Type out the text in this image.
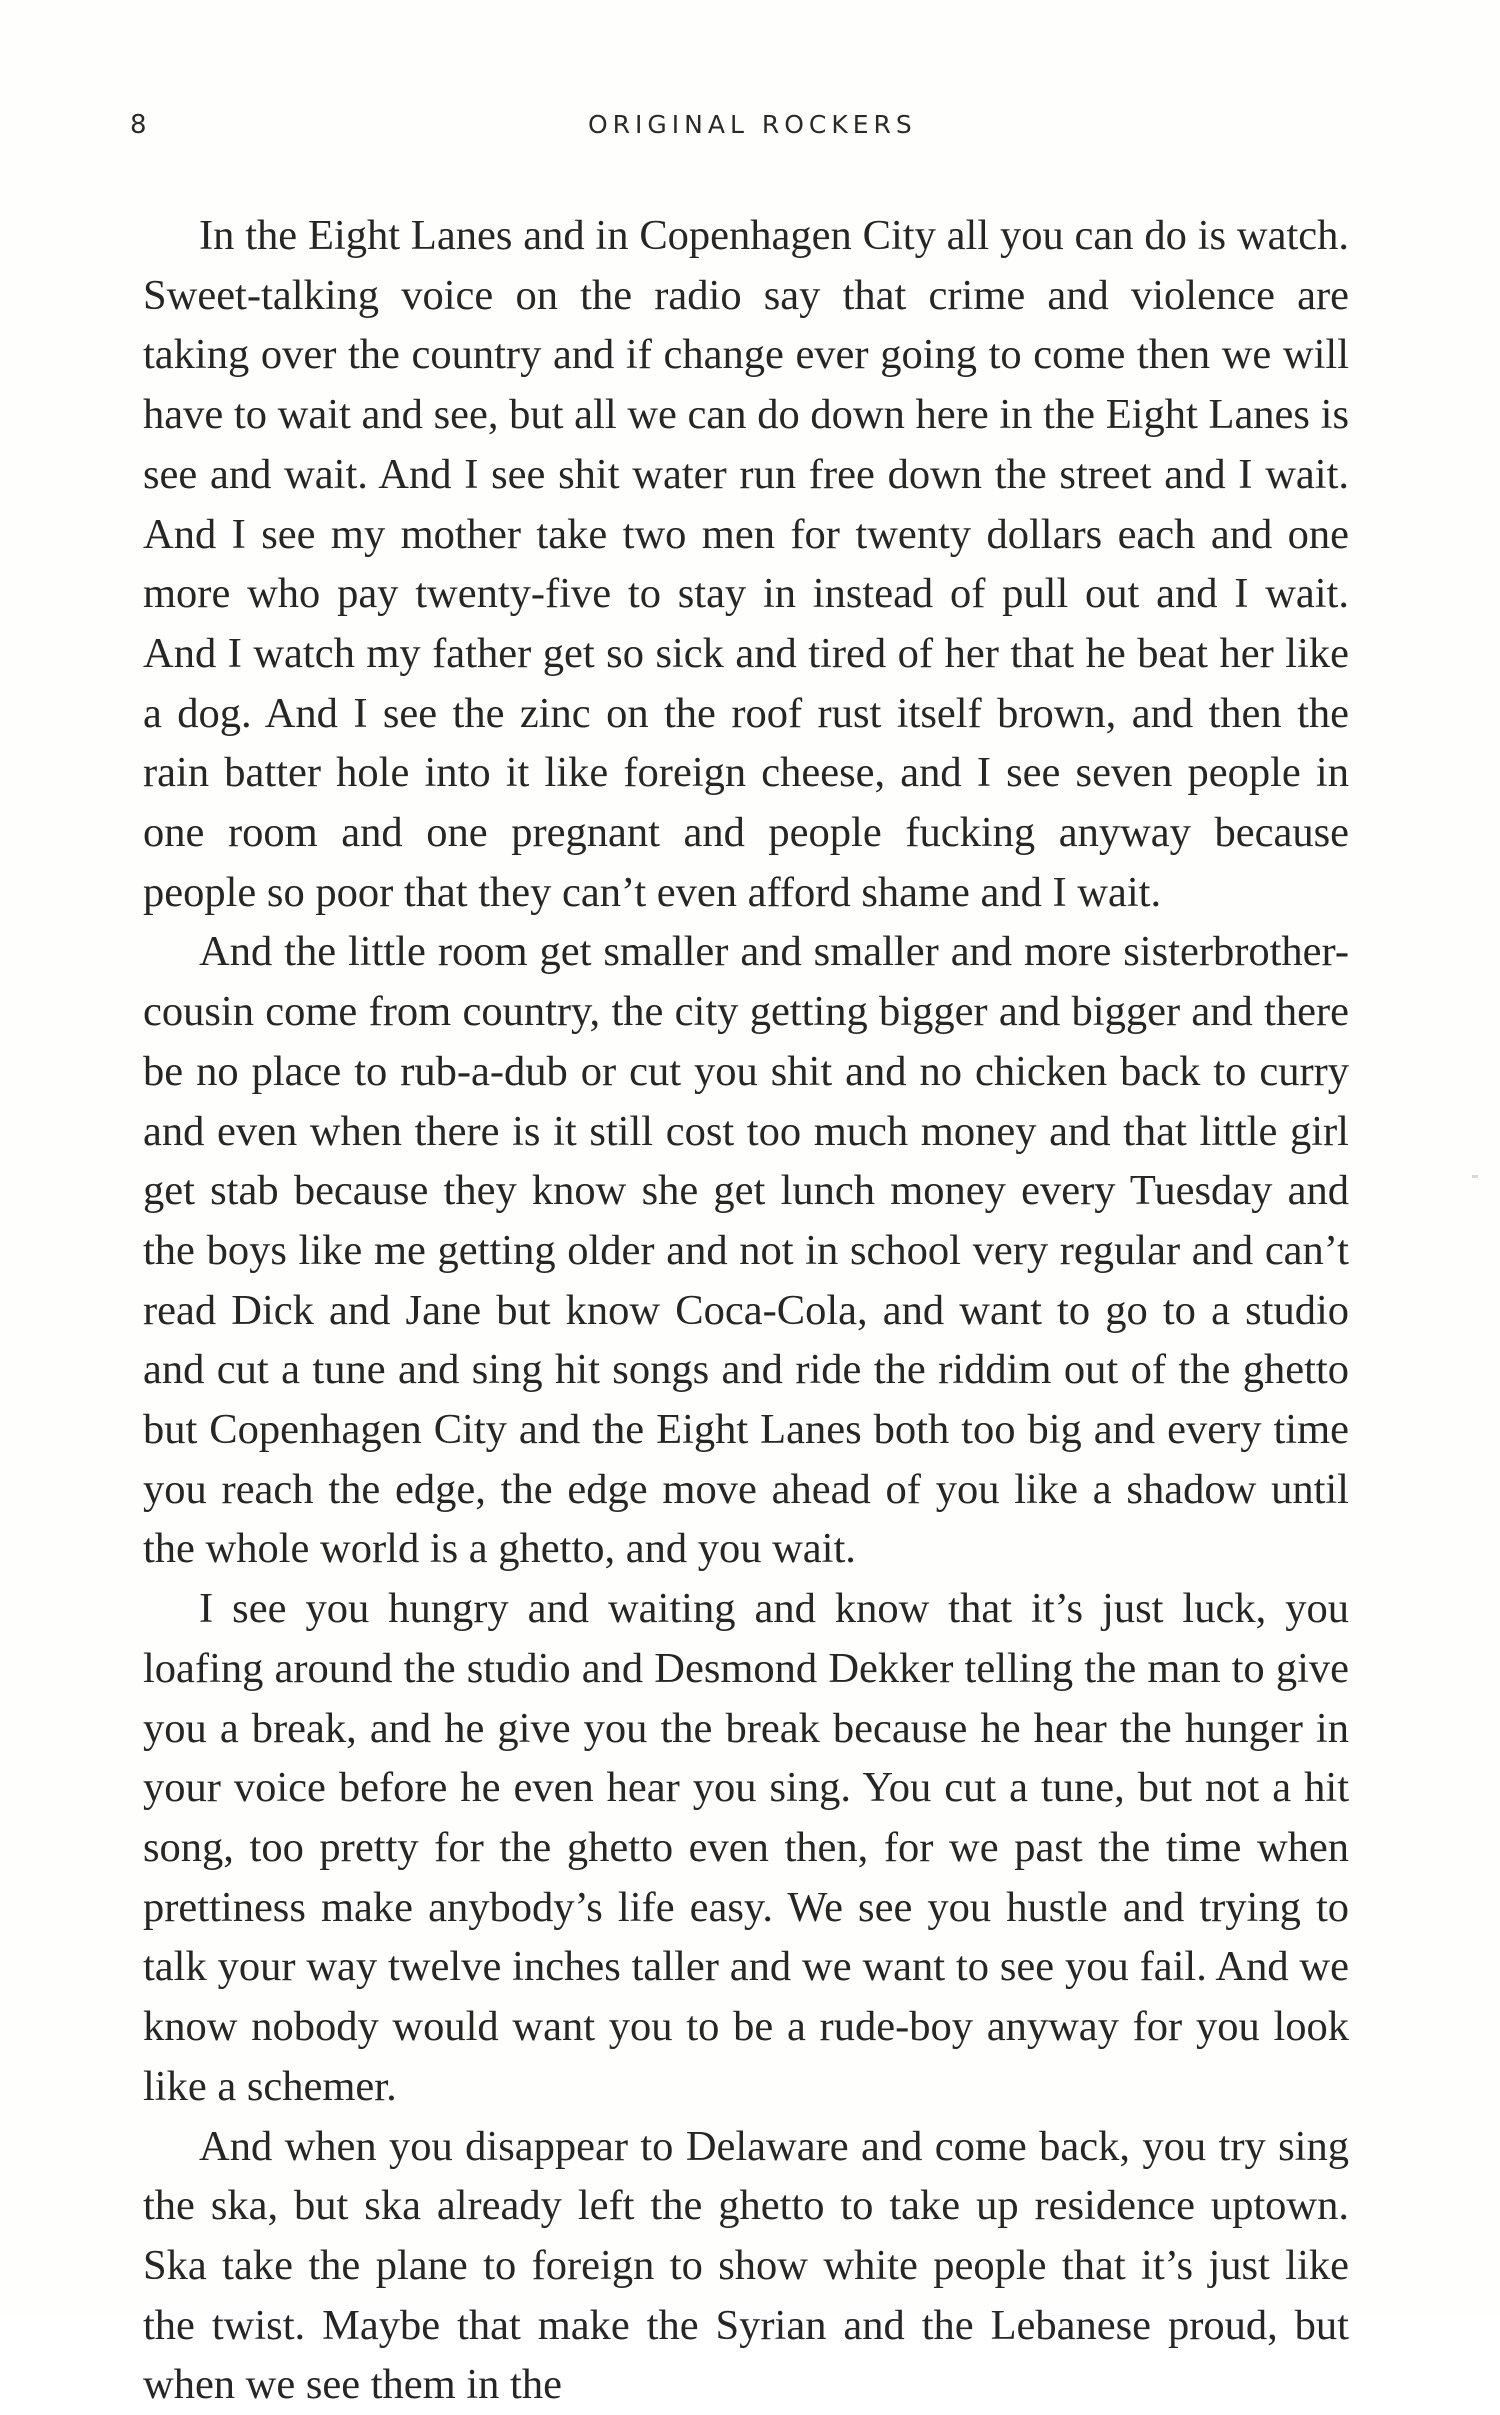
8	ORIGINAL ROCKERS

In the Eight Lanes and in Copenhagen City all you can do is watch. Sweet-talking voice on the radio say that crime and violence are taking over the country and if change ever going to come then we will have to wait and see, but all we can do down here in the Eight Lanes is see and wait. And I see shit water run free down the street and I wait. And I see my mother take two men for twenty dollars each and one more who pay twenty-five to stay in instead of pull out and I wait. And I watch my father get so sick and tired of her that he beat her like a dog. And I see the zinc on the roof rust itself brown, and then the rain batter hole into it like foreign cheese, and I see seven people in one room and one pregnant and people fucking anyway because people so poor that they can’t even afford shame and I wait.

And the little room get smaller and smaller and more sisterbrother-cousin come from country, the city getting bigger and bigger and there be no place to rub-a-dub or cut you shit and no chicken back to curry and even when there is it still cost too much money and that little girl get stab because they know she get lunch money every Tuesday and the boys like me getting older and not in school very regular and can’t read Dick and Jane but know Coca-Cola, and want to go to a studio and cut a tune and sing hit songs and ride the riddim out of the ghetto but Copenhagen City and the Eight Lanes both too big and every time you reach the edge, the edge move ahead of you like a shadow until the whole world is a ghetto, and you wait.

I see you hungry and waiting and know that it’s just luck, you loafing around the studio and Desmond Dekker telling the man to give you a break, and he give you the break because he hear the hunger in your voice before he even hear you sing. You cut a tune, but not a hit song, too pretty for the ghetto even then, for we past the time when prettiness make anybody’s life easy. We see you hustle and trying to talk your way twelve inches taller and we want to see you fail. And we know nobody would want you to be a rude-boy anyway for you look like a schemer.

And when you disappear to Delaware and come back, you try sing the ska, but ska already left the ghetto to take up residence uptown. Ska take the plane to foreign to show white people that it’s just like the twist. Maybe that make the Syrian and the Lebanese proud, but when we see them in the
